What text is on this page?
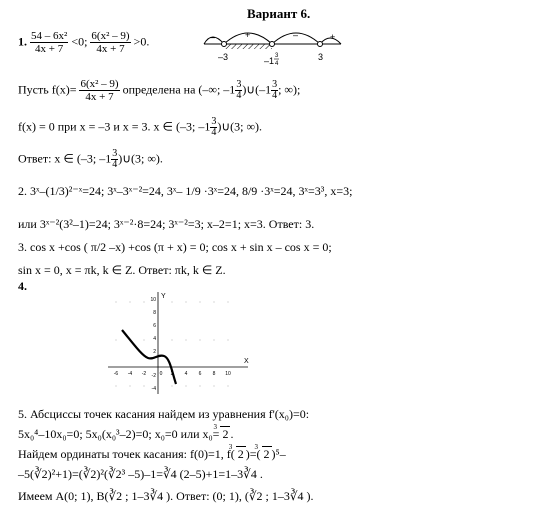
Вариант 6.
1. $\frac{\text{54 – 6x²}}{4x + 7} <0$; $\frac{\text{6(x² – 9)}}{4x + 7} >0$.	–	+	–	+
–3	–1 3
4
3
Пусть $f(x)= \frac{\text{6(x² – 9)}}{4x + 7}$ определена на (–∞; $-1 \frac{3}{4})\cup(-1 \frac{3}{4}$; ∞);
f(x) = 0 при x = –3 и x = 3. x ∈ (–3; $-1 \frac{3}{4})\cup(3$; ∞).
Ответ: x ∈ (–3; $-1 \frac{3}{4})\cup(3$; ∞).
2. 3ˣ–(1/3)²⁻ˣ=24; 3ˣ–3ˣ⁻²=24, 3ˣ– 1/9 ·3ˣ=24, 8/9 ·3ˣ=24, 3ˣ=3³, x=3;
или 3ˣ⁻²(3²–1)=24; 3ˣ⁻²·8=24; 3ˣ⁻²=3; x–2=1; x=3. Ответ: 3.
3. cos x +cos ( π/2 –x) +cos (π + x) = 0; cos x + sin x – cos x = 0;
sin x = 0, x = πk, k ∈ Z. Ответ: πk, k ∈ Z.
4.
X
Y
10
8
6
4
2
-2
-4
-6 -4 -2	0 2 4 6 8 10
5. Абсциссы точек касания найдем из уравнения f'(x₀)=0:
5x₀⁴–10x₀=0; 5x₀(x₀³–2)=0; x₀=0 или x₀= 3 2 .
Найдем ординаты точек касания: f(0)=1, f( 3 2 )=( 3 2 )⁵–
–5(∛2)²+1)=(∛2)²(∛2³ –5)–1=∛4 (2–5)+1=1–3∛4 .
Имеем A(0; 1), B(∛2 ; 1–3∛4 ). Ответ: (0; 1), (∛2 ; 1–3∛4 ).
